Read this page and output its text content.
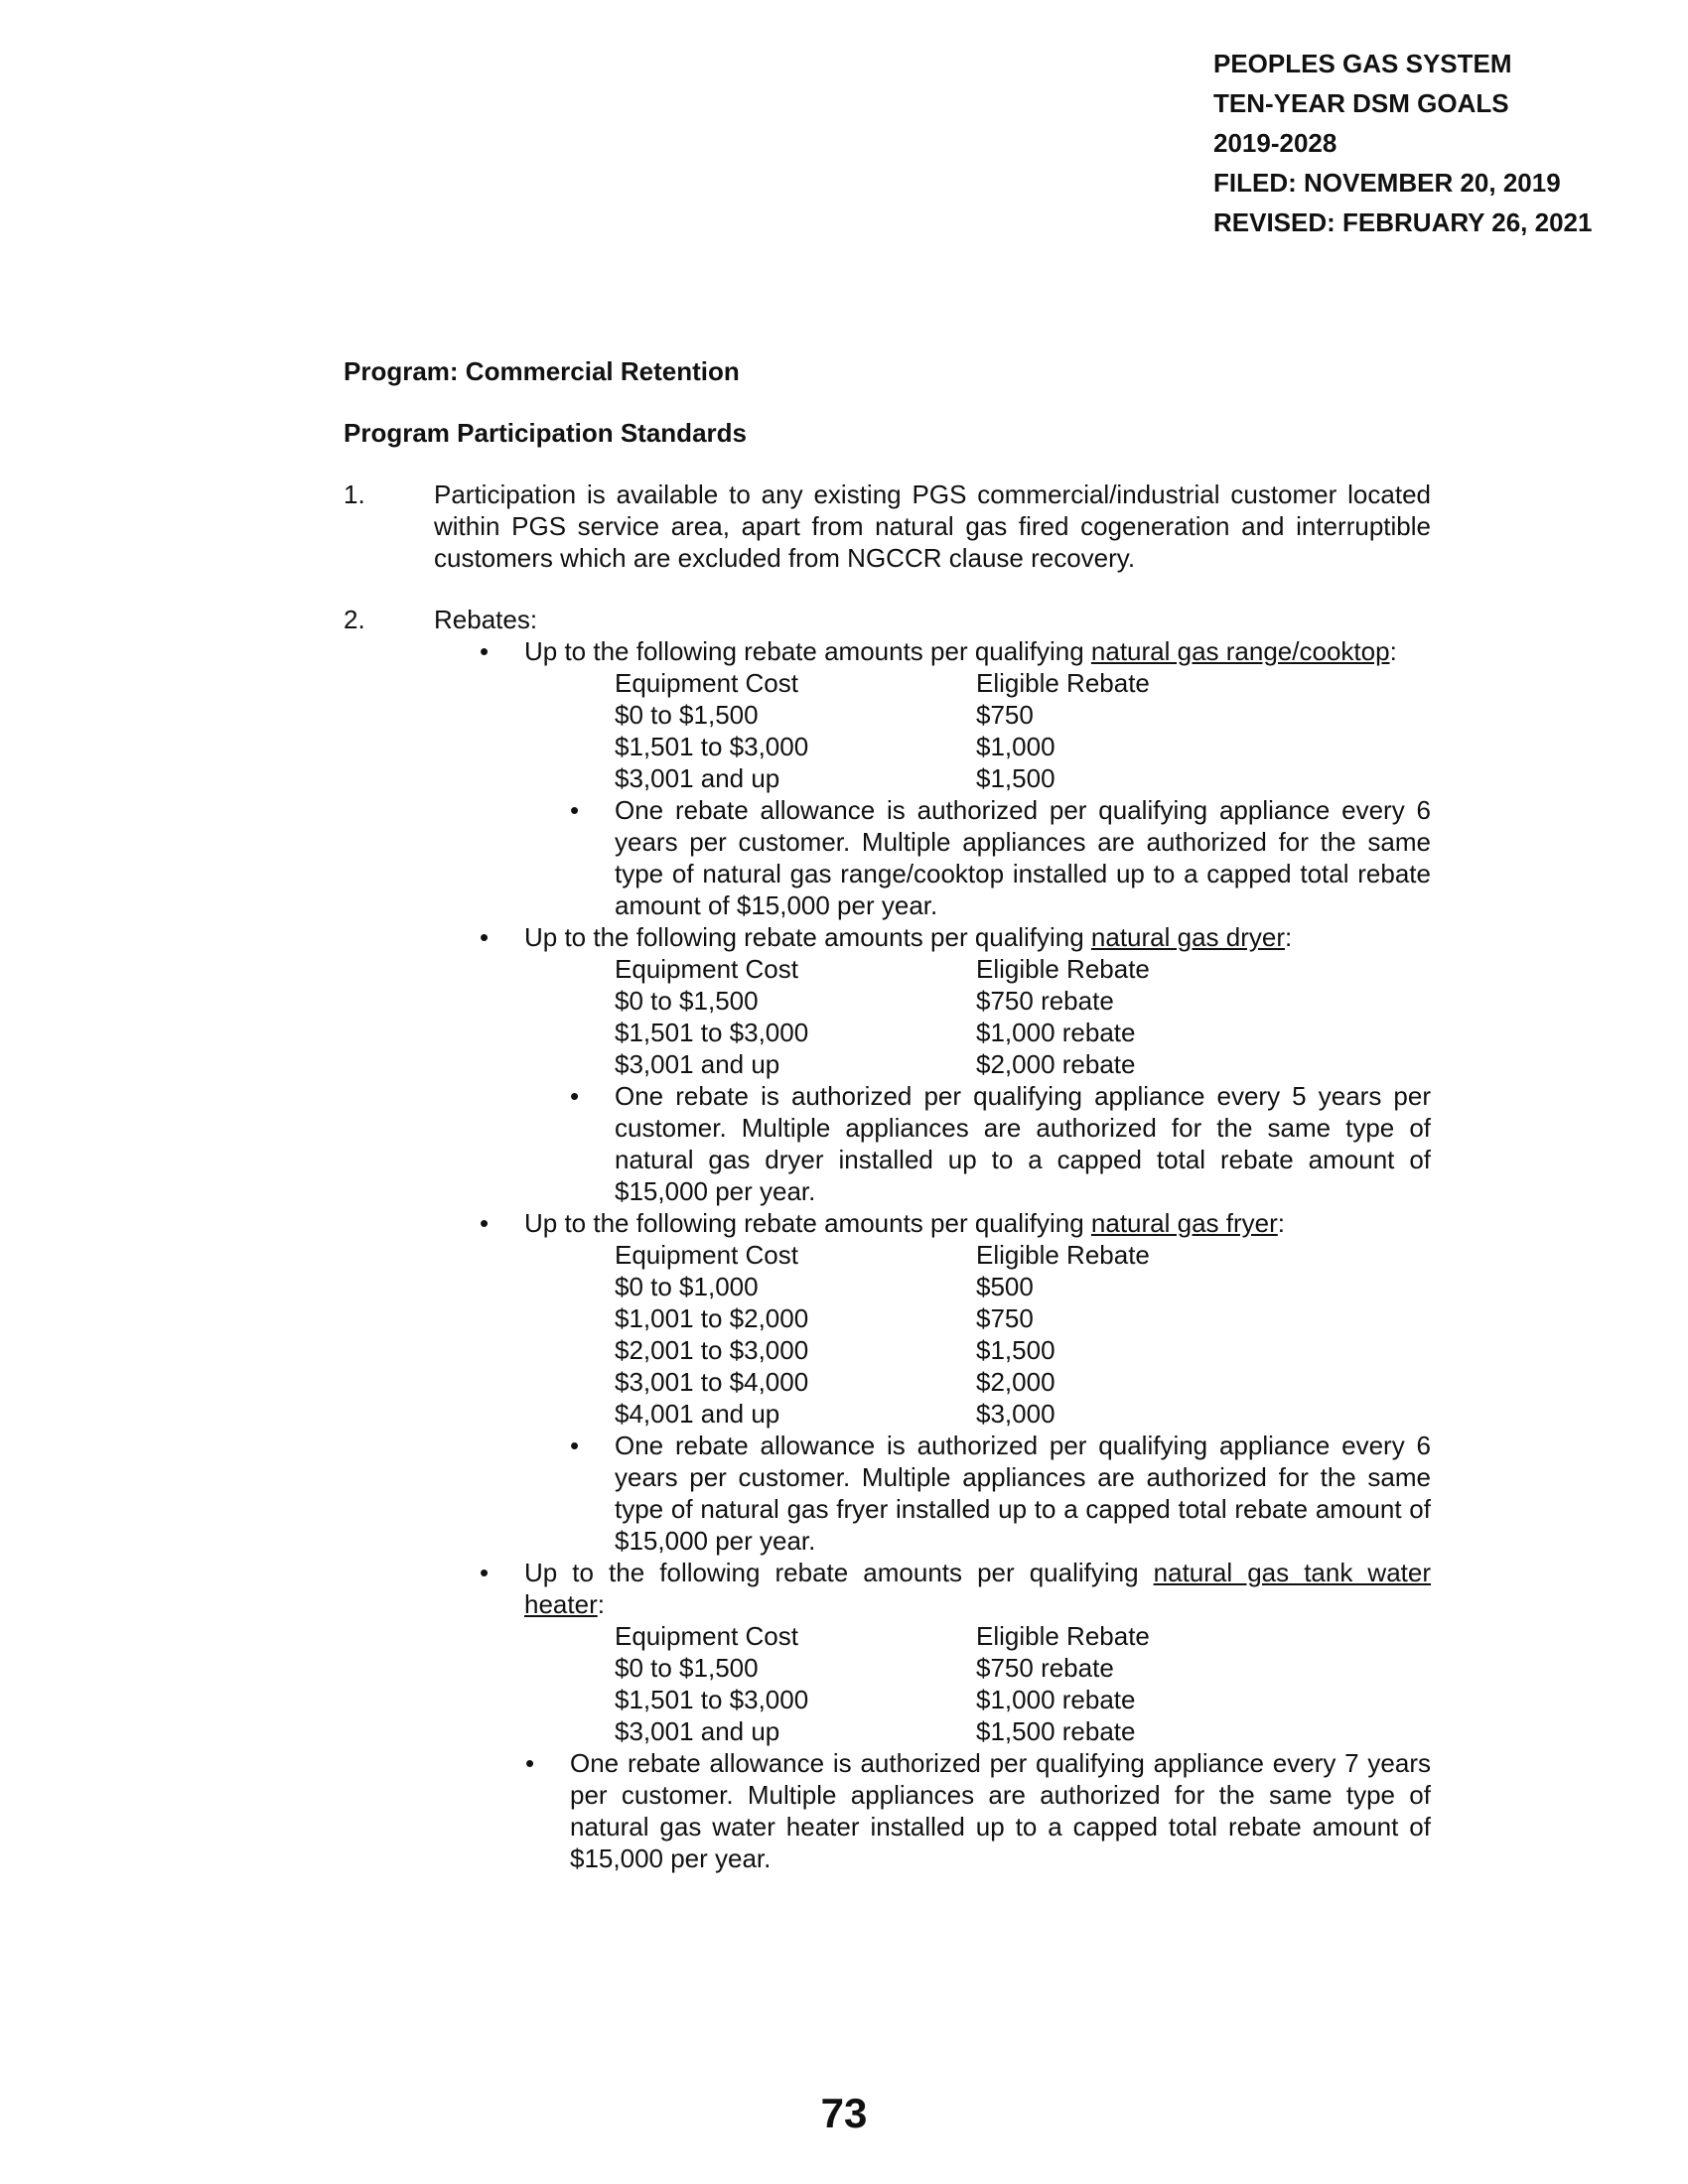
PEOPLES GAS SYSTEM
TEN-YEAR DSM GOALS
2019-2028
FILED: NOVEMBER 20, 2019
REVISED: FEBRUARY 26, 2021
Program: Commercial Retention
Program Participation Standards
1.	Participation is available to any existing PGS commercial/industrial customer located within PGS service area, apart from natural gas fired cogeneration and interruptible customers which are excluded from NGCCR clause recovery.
2.	Rebates:
• Up to the following rebate amounts per qualifying natural gas range/cooktop:
Equipment Cost	Eligible Rebate
$0 to $1,500	$750
$1,501 to $3,000	$1,000
$3,001 and up	$1,500
• One rebate allowance is authorized per qualifying appliance every 6 years per customer. Multiple appliances are authorized for the same type of natural gas range/cooktop installed up to a capped total rebate amount of $15,000 per year.
• Up to the following rebate amounts per qualifying natural gas dryer:
Equipment Cost	Eligible Rebate
$0 to $1,500	$750 rebate
$1,501 to $3,000	$1,000 rebate
$3,001 and up	$2,000 rebate
• One rebate is authorized per qualifying appliance every 5 years per customer. Multiple appliances are authorized for the same type of natural gas dryer installed up to a capped total rebate amount of $15,000 per year.
• Up to the following rebate amounts per qualifying natural gas fryer:
Equipment Cost	Eligible Rebate
$0 to $1,000	$500
$1,001 to $2,000	$750
$2,001 to $3,000	$1,500
$3,001 to $4,000	$2,000
$4,001 and up	$3,000
• One rebate allowance is authorized per qualifying appliance every 6 years per customer. Multiple appliances are authorized for the same type of natural gas fryer installed up to a capped total rebate amount of $15,000 per year.
• Up to the following rebate amounts per qualifying natural gas tank water heater:
Equipment Cost	Eligible Rebate
$0 to $1,500	$750 rebate
$1,501 to $3,000	$1,000 rebate
$3,001 and up	$1,500 rebate
• One rebate allowance is authorized per qualifying appliance every 7 years per customer. Multiple appliances are authorized for the same type of natural gas water heater installed up to a capped total rebate amount of $15,000 per year.
73
